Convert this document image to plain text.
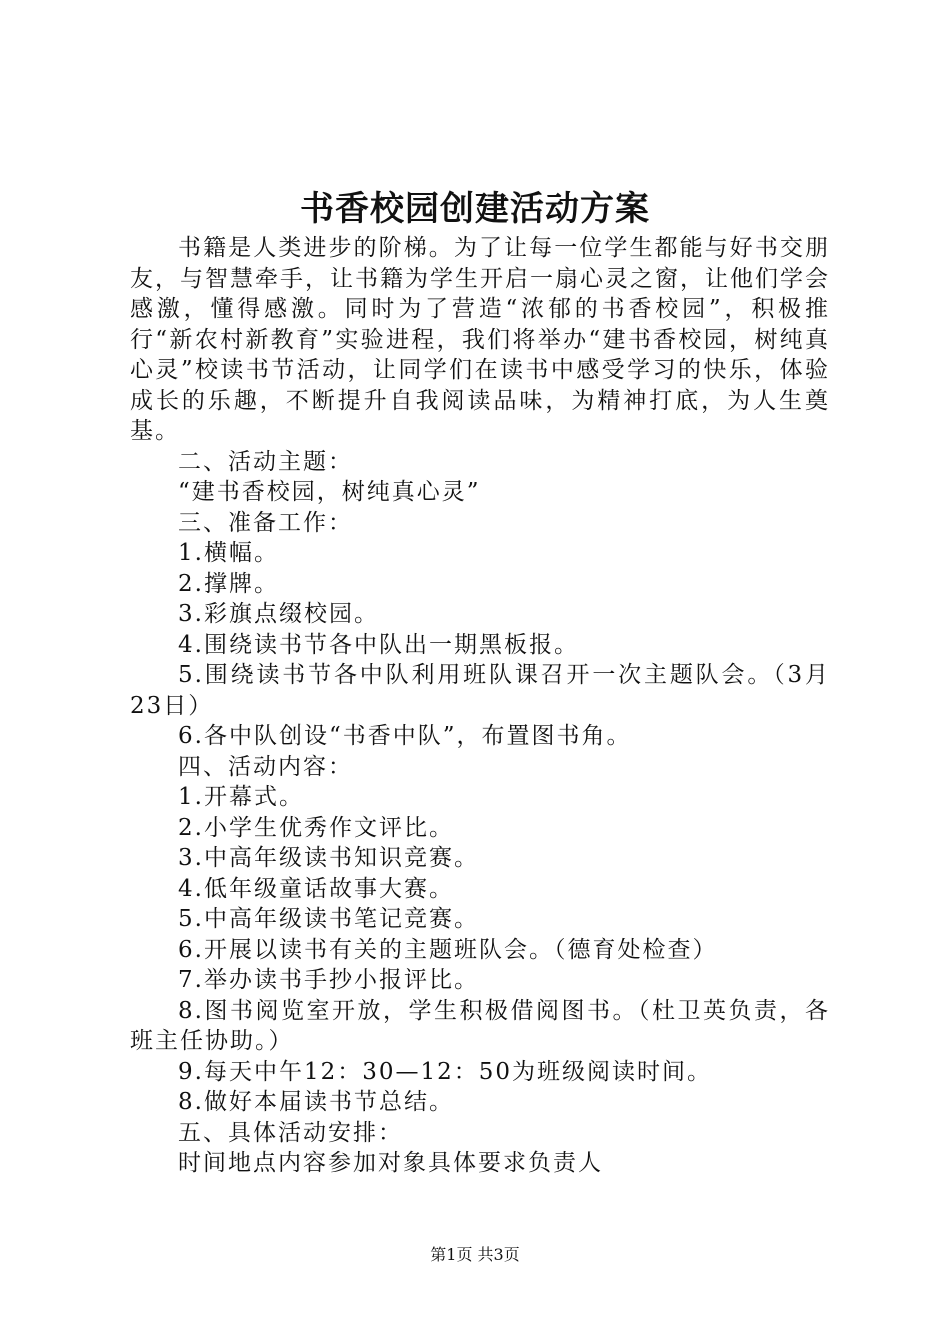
书香校园创建活动方案

书籍是人类进步的阶梯。为了让每一位学生都能与好书交朋友，与智慧牵手，让书籍为学生开启一扇心灵之窗，让他们学会感激，懂得感激。同时为了营造“浓郁的书香校园”，积极推行“新农村新教育”实验进程，我们将举办“建书香校园，树纯真心灵”校读书节活动，让同学们在读书中感受学习的快乐，体验成长的乐趣，不断提升自我阅读品味，为精神打底，为人生奠基。

二、活动主题：

“建书香校园，树纯真心灵”

三、准备工作：

1.横幅。

2.撑牌。

3.彩旗点缀校园。

4.围绕读书节各中队出一期黑板报。

5.围绕读书节各中队利用班队课召开一次主题队会。（3月23日）

6.各中队创设“书香中队”，布置图书角。

四、活动内容：

1.开幕式。

2.小学生优秀作文评比。

3.中高年级读书知识竞赛。

4.低年级童话故事大赛。

5.中高年级读书笔记竞赛。

6.开展以读书有关的主题班队会。（德育处检查）

7.举办读书手抄小报评比。

8.图书阅览室开放，学生积极借阅图书。（杜卫英负责，各班主任协助。）

9.每天中午12：30—12：50为班级阅读时间。

8.做好本届读书节总结。

五、具体活动安排：

时间地点内容参加对象具体要求负责人

第1页 共3页
